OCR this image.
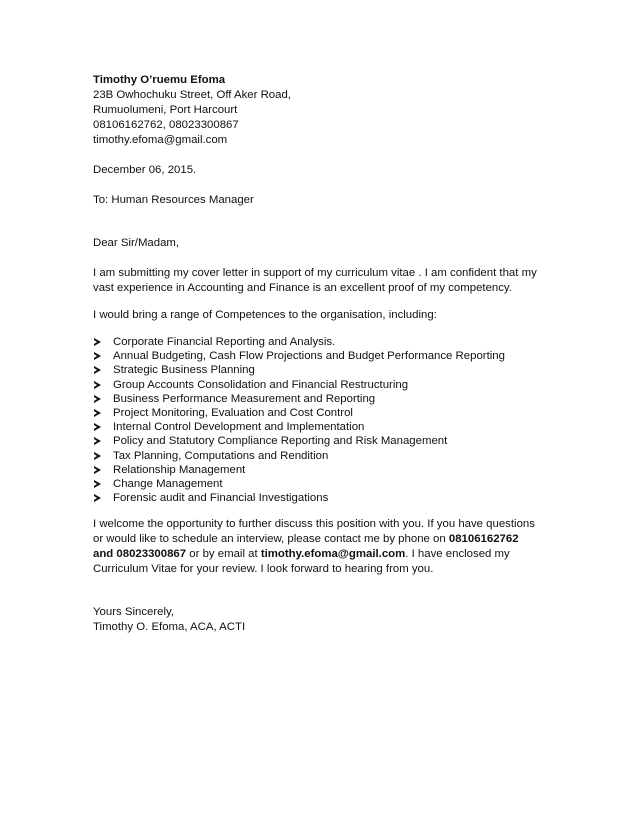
Timothy O’ruemu Efoma
23B Owhochuku Street, Off Aker Road,
Rumuolumeni, Port Harcourt
08106162762, 08023300867
timothy.efoma@gmail.com
December 06, 2015.
To: Human Resources Manager
Dear Sir/Madam,
I am submitting my cover letter in support of my curriculum vitae . I am confident that my
vast experience in Accounting and Finance is an excellent proof of my competency.
I would bring a range of Competences to the organisation, including:
Corporate Financial Reporting and Analysis.
Annual Budgeting, Cash Flow Projections and Budget Performance Reporting
Strategic Business Planning
Group Accounts Consolidation and Financial Restructuring
Business Performance Measurement and Reporting
Project Monitoring, Evaluation and Cost Control
Internal Control Development and Implementation
Policy and Statutory Compliance Reporting and Risk Management
Tax Planning, Computations and Rendition
Relationship Management
Change Management
Forensic audit and Financial Investigations
I welcome the opportunity to further discuss this position with you. If you have questions
or would like to schedule an interview, please contact me by phone on 08106162762
and 08023300867 or by email at timothy.efoma@gmail.com. I have enclosed my
Curriculum Vitae for your review. I look forward to hearing from you.
Yours Sincerely,
Timothy O. Efoma, ACA, ACTI
